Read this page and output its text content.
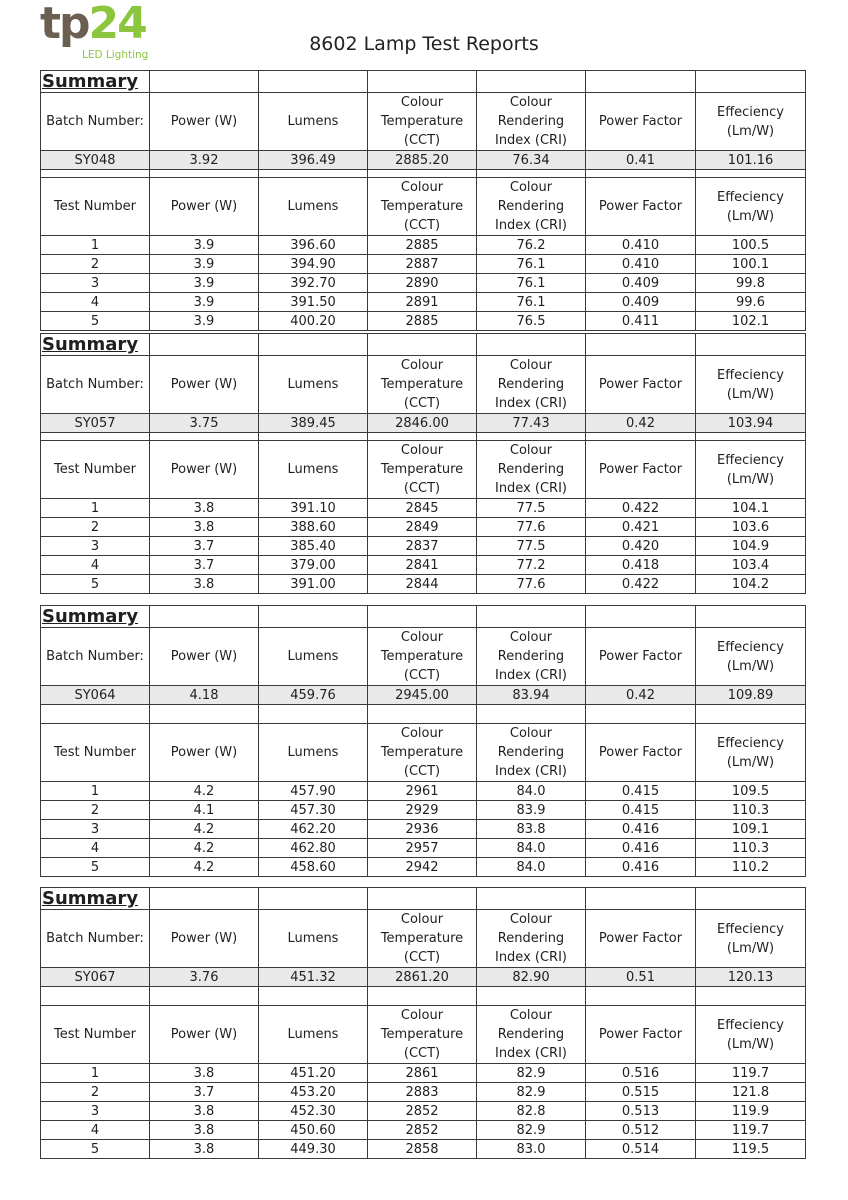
tp24
LED Lighting	8602 Lamp Test Reports
Summary						
Batch Number:	Power (W)	Lumens	Colour Temperature (CCT)	Colour Rendering Index (CRI)	Power Factor	Effeciency (Lm/W)
SY048	3.92	396.49	2885.20	76.34	0.41	101.16

Test Number	Power (W)	Lumens	Colour Temperature (CCT)	Colour Rendering Index (CRI)	Power Factor	Effeciency (Lm/W)
1	3.9	396.60	2885	76.2	0.410	100.5
2	3.9	394.90	2887	76.1	0.410	100.1
3	3.9	392.70	2890	76.1	0.409	99.8
4	3.9	391.50	2891	76.1	0.409	99.6
5	3.9	400.20	2885	76.5	0.411	102.1
Summary						
Batch Number:	Power (W)	Lumens	Colour Temperature (CCT)	Colour Rendering Index (CRI)	Power Factor	Effeciency (Lm/W)
SY057	3.75	389.45	2846.00	77.43	0.42	103.94

Test Number	Power (W)	Lumens	Colour Temperature (CCT)	Colour Rendering Index (CRI)	Power Factor	Effeciency (Lm/W)
1	3.8	391.10	2845	77.5	0.422	104.1
2	3.8	388.60	2849	77.6	0.421	103.6
3	3.7	385.40	2837	77.5	0.420	104.9
4	3.7	379.00	2841	77.2	0.418	103.4
5	3.8	391.00	2844	77.6	0.422	104.2
Summary						
Batch Number:	Power (W)	Lumens	Colour Temperature (CCT)	Colour Rendering Index (CRI)	Power Factor	Effeciency (Lm/W)
SY064	4.18	459.76	2945.00	83.94	0.42	109.89

Test Number	Power (W)	Lumens	Colour Temperature (CCT)	Colour Rendering Index (CRI)	Power Factor	Effeciency (Lm/W)
1	4.2	457.90	2961	84.0	0.415	109.5
2	4.1	457.30	2929	83.9	0.415	110.3
3	4.2	462.20	2936	83.8	0.416	109.1
4	4.2	462.80	2957	84.0	0.416	110.3
5	4.2	458.60	2942	84.0	0.416	110.2
Summary						
Batch Number:	Power (W)	Lumens	Colour Temperature (CCT)	Colour Rendering Index (CRI)	Power Factor	Effeciency (Lm/W)
SY067	3.76	451.32	2861.20	82.90	0.51	120.13

Test Number	Power (W)	Lumens	Colour Temperature (CCT)	Colour Rendering Index (CRI)	Power Factor	Effeciency (Lm/W)
1	3.8	451.20	2861	82.9	0.516	119.7
2	3.7	453.20	2883	82.9	0.515	121.8
3	3.8	452.30	2852	82.8	0.513	119.9
4	3.8	450.60	2852	82.9	0.512	119.7
5	3.8	449.30	2858	83.0	0.514	119.5
